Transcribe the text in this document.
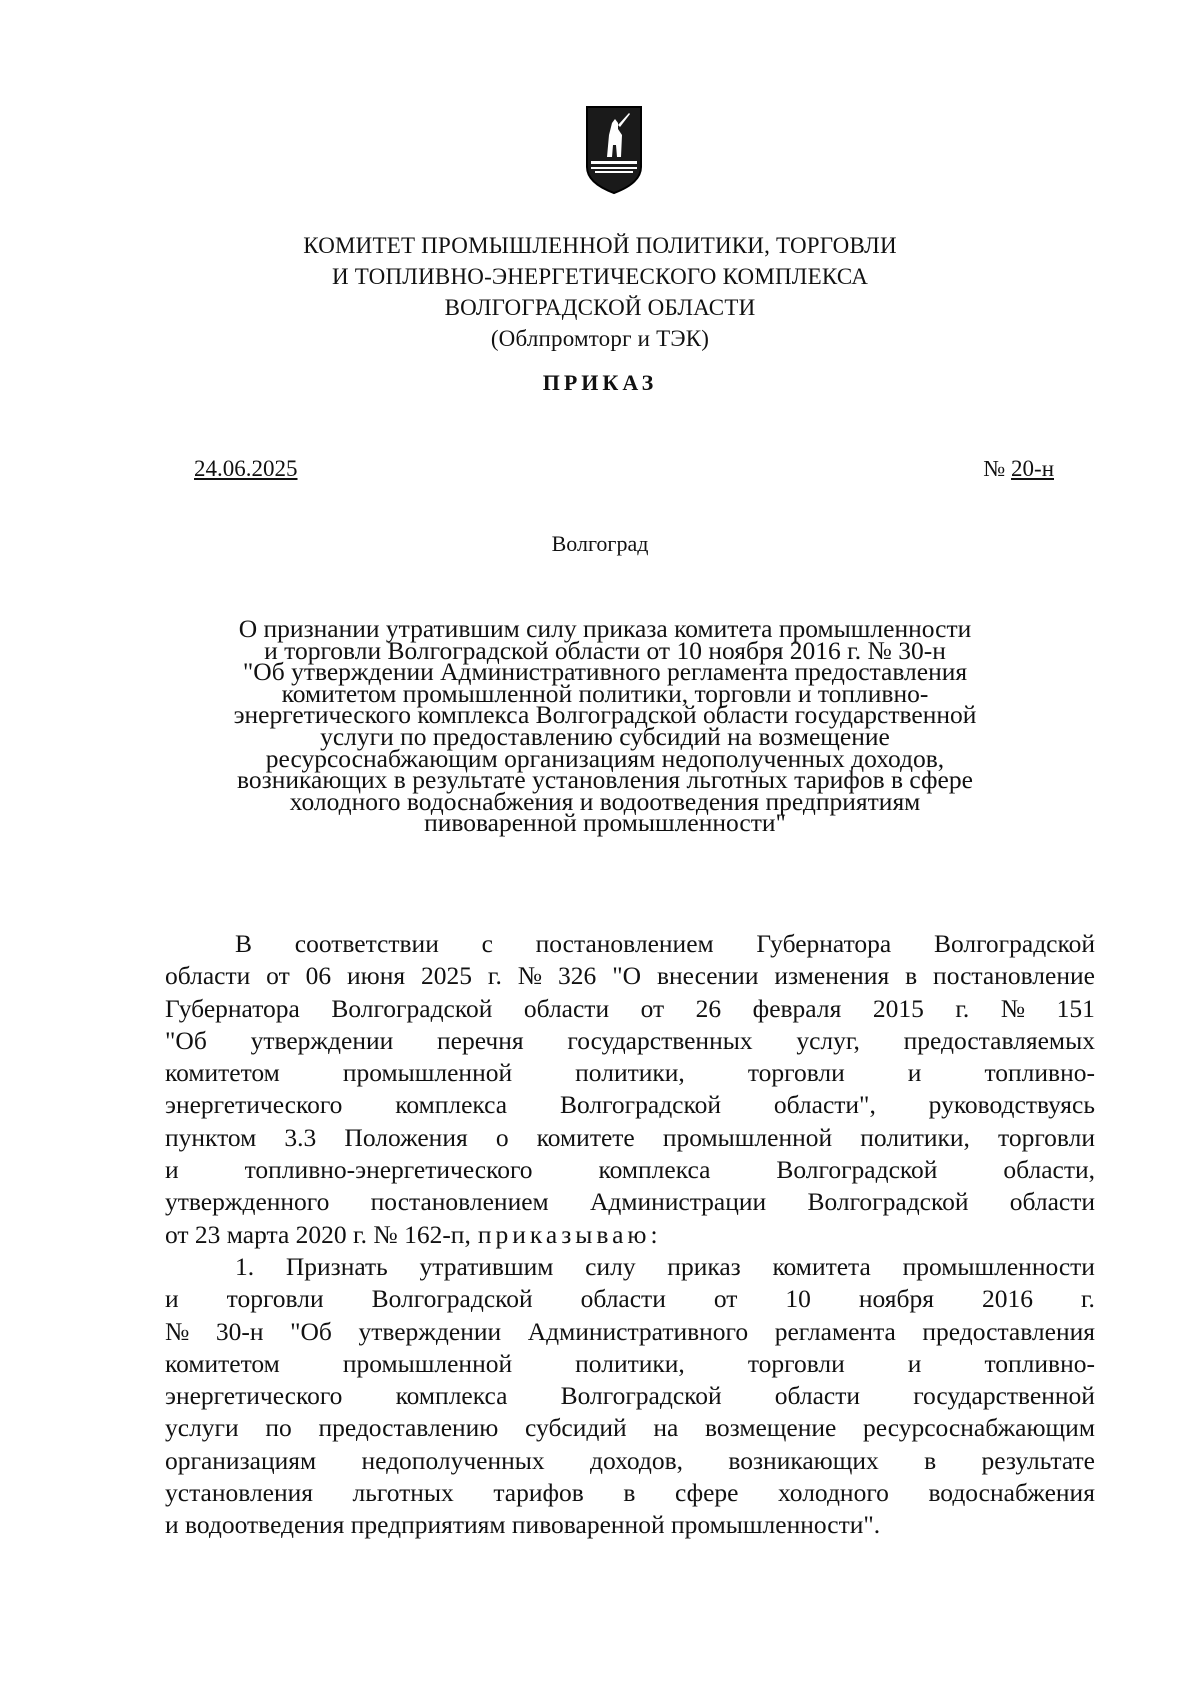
КОМИТЕТ ПРОМЫШЛЕННОЙ ПОЛИТИКИ, ТОРГОВЛИ
И ТОПЛИВНО-ЭНЕРГЕТИЧЕСКОГО КОМПЛЕКСА
ВОЛГОГРАДСКОЙ ОБЛАСТИ
(Облпромторг и ТЭК)
ПРИКАЗ
24.06.2025	№ 20-н
Волгоград
О признании утратившим силу приказа комитета промышленности
и торговли Волгоградской области от 10 ноября 2016 г. № 30-н
"Об утверждении Административного регламента предоставления
комитетом промышленной политики, торговли и топливно-
энергетического комплекса Волгоградской области государственной
услуги по предоставлению субсидий на возмещение
ресурсоснабжающим организациям недополученных доходов,
возникающих в результате установления льготных тарифов в сфере
холодного водоснабжения и водоотведения предприятиям
пивоваренной промышленности"
В соответствии с постановлением Губернатора Волгоградской
области от 06 июня 2025 г. № 326 "О внесении изменения в постановление
Губернатора Волгоградской области от 26 февраля 2015 г. № 151
"Об утверждении перечня государственных услуг, предоставляемых
комитетом промышленной политики, торговли и топливно-
энергетического комплекса Волгоградской области", руководствуясь
пунктом 3.3 Положения о комитете промышленной политики, торговли
и	топливно-энергетического	комплекса	Волгоградской	области,
утвержденного постановлением Администрации Волгоградской области
от 23 марта 2020 г. № 162-п, приказываю:
1. Признать утратившим силу приказ комитета промышленности
и торговли Волгоградской области от 10 ноября 2016 г.
№ 30-н "Об утверждении Административного регламента предоставления
комитетом промышленной политики, торговли и топливно-
энергетического комплекса Волгоградской области государственной
услуги по предоставлению субсидий на возмещение ресурсоснабжающим
организациям недополученных доходов, возникающих в результате
установления льготных тарифов в сфере холодного водоснабжения
и водоотведения предприятиям пивоваренной промышленности".
